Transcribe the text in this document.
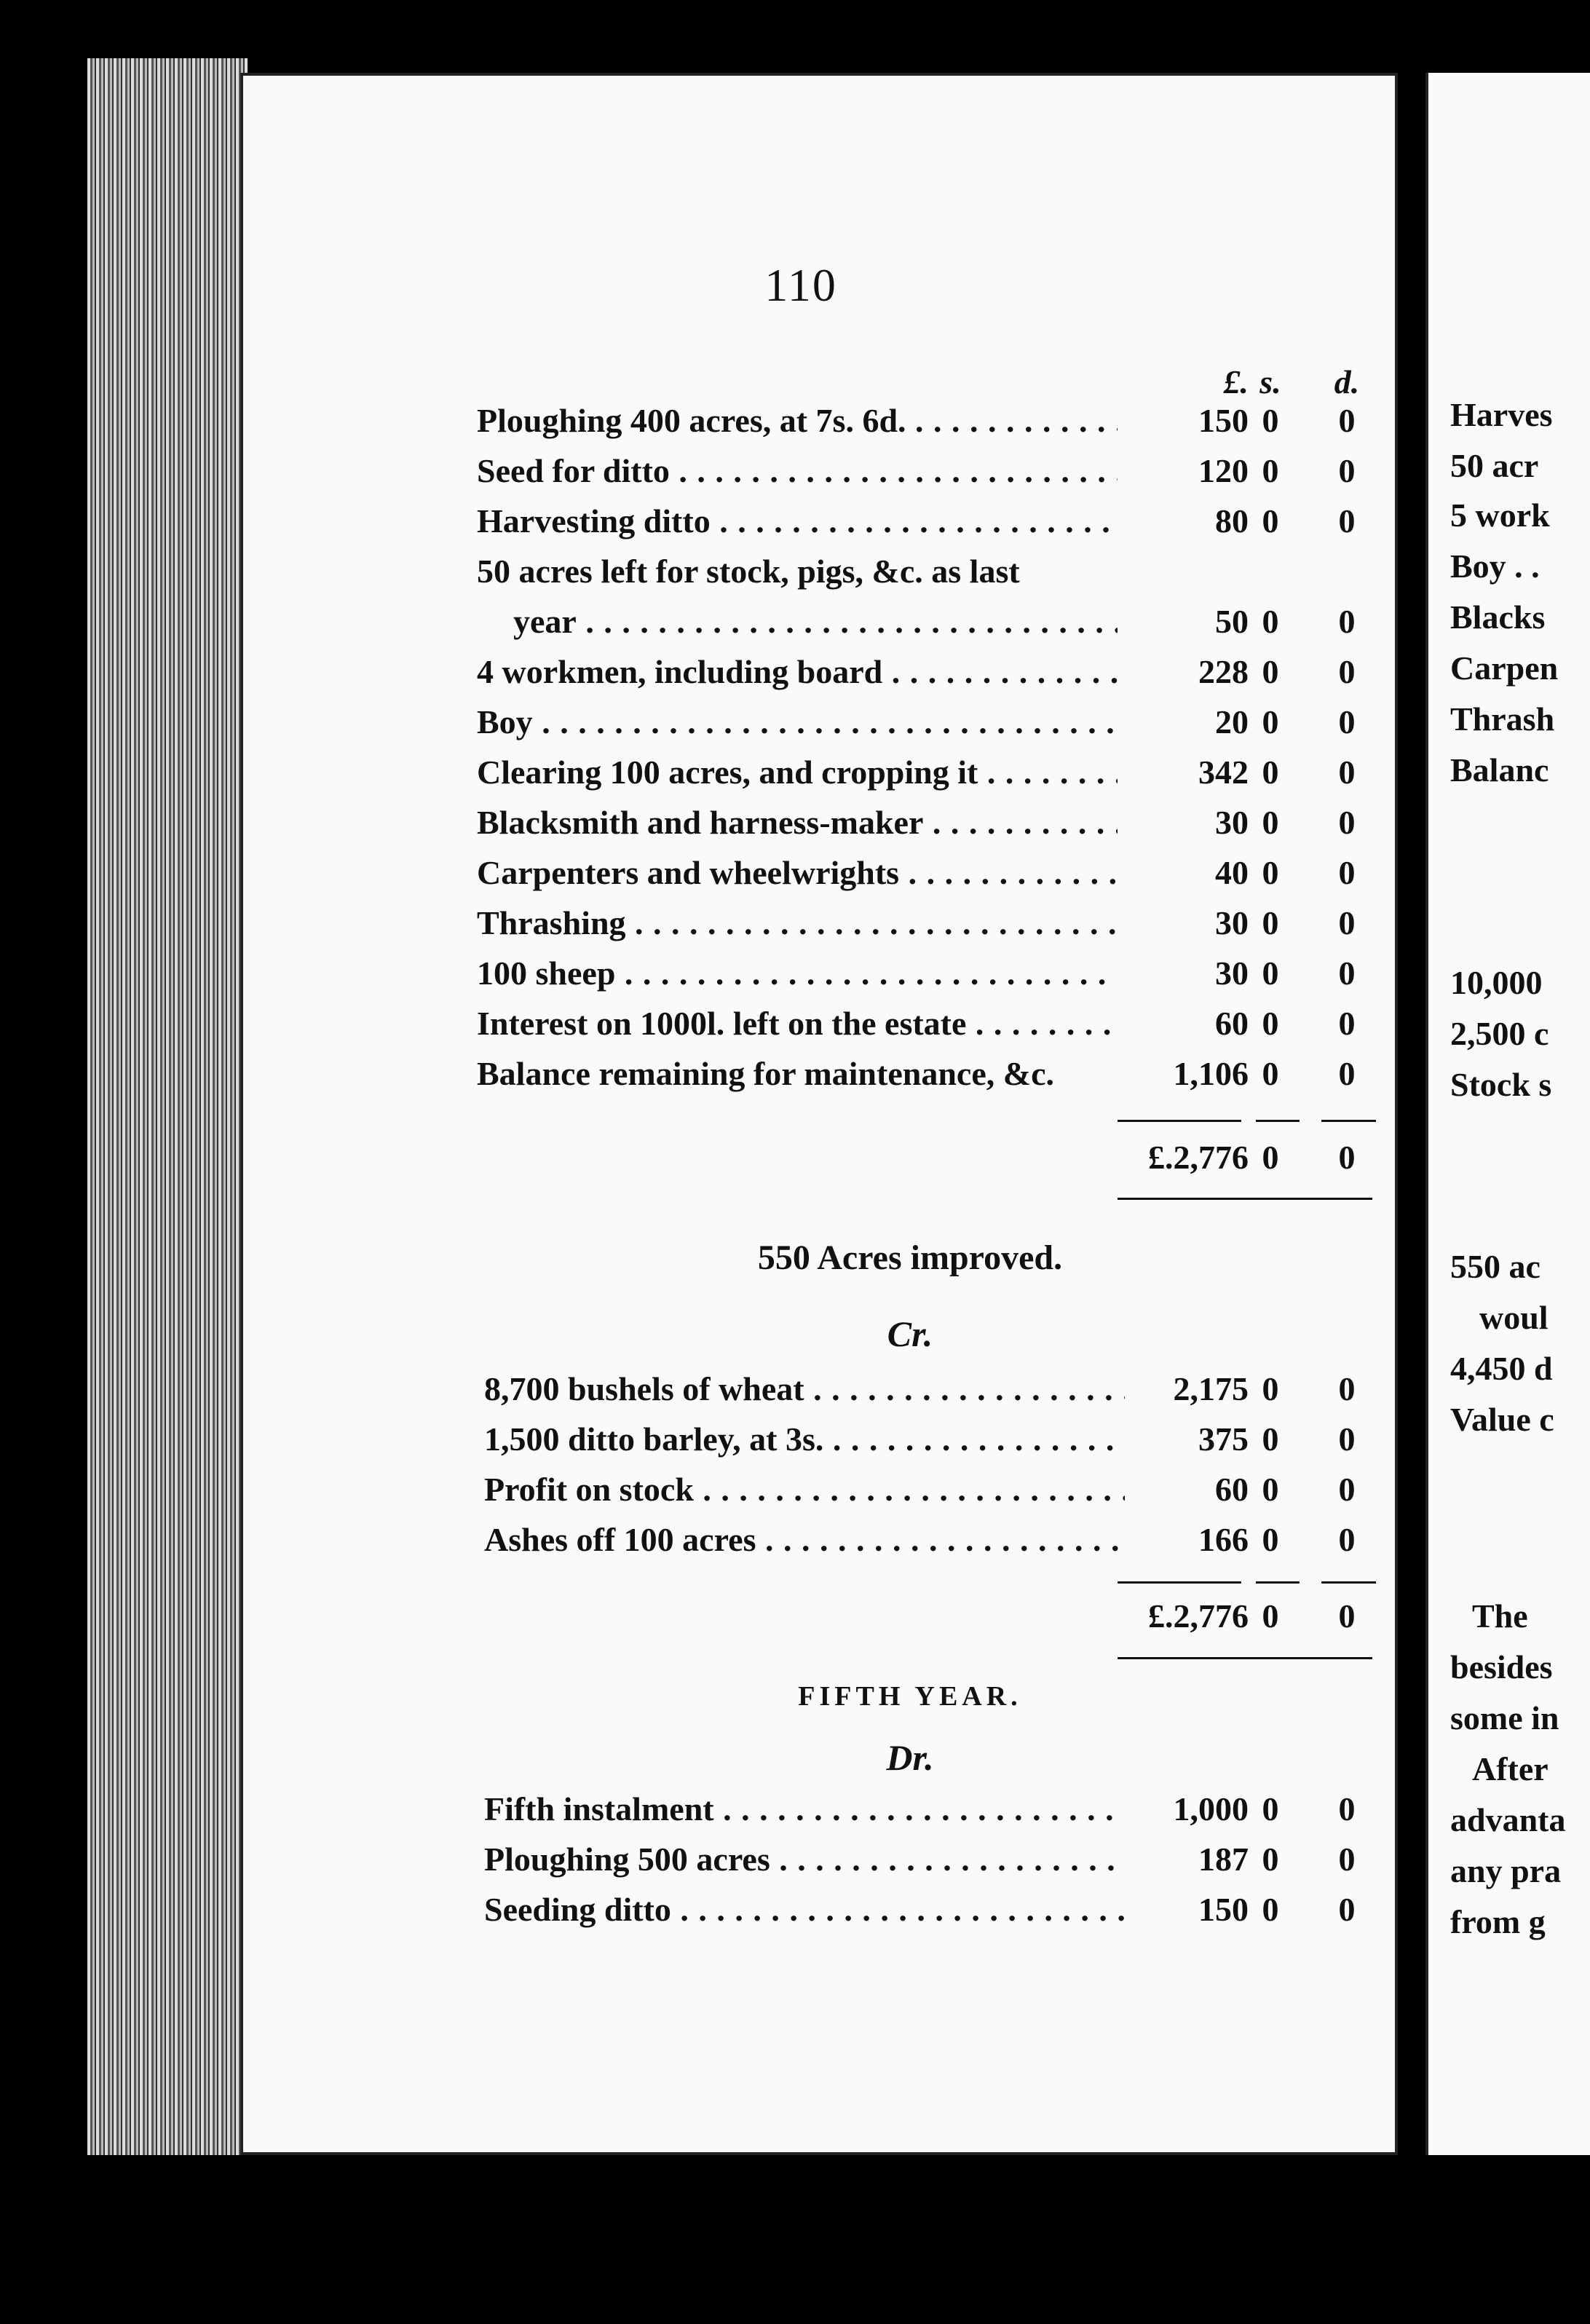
Harves
50 acr
5 work
Boy . .
Blacks
Carpen
Thrash
Balanc
10,000
2,500 c
Stock s
550 ac
woul
4,450 d
Value c
The
besides
some in
After
advanta
any pra
from g
110
£. s.	d.
Ploughing 400 acres, at 7s. 6d. . . .	150 0	0
Seed for ditto . . .	120 0	0
Harvesting ditto . . .	80 0	0
50 acres left for stock, pigs, &c. as last
year . . .	50 0	0
4 workmen, including board . . .	228 0	0
Boy . . .	20 0	0
Clearing 100 acres, and cropping it . . .	342 0	0
Blacksmith and harness-maker . . .	30 0	0
Carpenters and wheelwrights . . .	40 0	0
Thrashing . . .	30 0	0
100 sheep . . .	30 0	0
Interest on 1000l. left on the estate . . .	60 0	0
Balance remaining for maintenance, &c.	1,106 0	0
£.2,776 0	0
550 Acres improved.
Cr.
8,700 bushels of wheat . . .	2,175 0	0
1,500 ditto barley, at 3s. . . .	375 0	0
Profit on stock . . .	60 0	0
Ashes off 100 acres . . .	166 0	0
£.2,776 0	0
FIFTH YEAR.
Dr.
Fifth instalment . . .	1,000 0	0
Ploughing 500 acres . . .	187 0	0
Seeding ditto . . .	150 0	0
